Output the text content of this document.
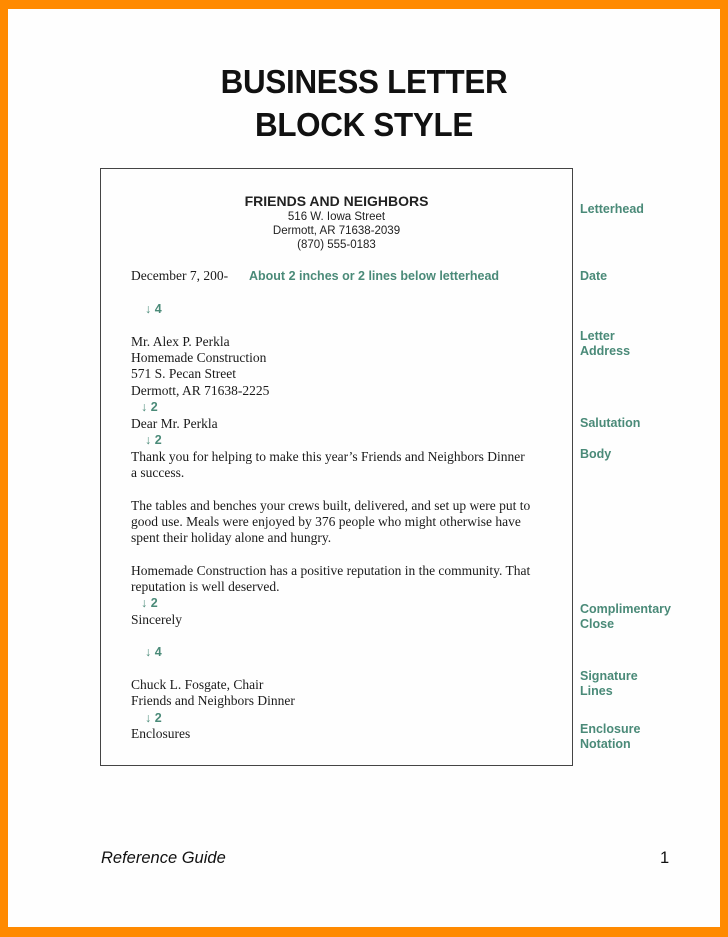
BUSINESS LETTER
BLOCK STYLE
FRIENDS AND NEIGHBORS
516 W. Iowa Street
Dermott, AR 71638-2039
(870) 555-0183
December 7, 200- About 2 inches or 2 lines below letterhead
↓ 4
Mr. Alex P. Perkla
Homemade Construction
571 S. Pecan Street
Dermott, AR 71638-2225
↓ 2
Dear Mr. Perkla
↓ 2
Thank you for helping to make this year’s Friends and Neighbors Dinner
a success.
The tables and benches your crews built, delivered, and set up were put to
good use. Meals were enjoyed by 376 people who might otherwise have
spent their holiday alone and hungry.
Homemade Construction has a positive reputation in the community. That
reputation is well deserved.
↓ 2
Sincerely
↓ 4
Chuck L. Fosgate, Chair
Friends and Neighbors Dinner
↓ 2
Enclosures
Letterhead
Date
Letter
Address
Salutation
Body
Complimentary
Close
Signature
Lines
Enclosure
Notation
Reference Guide	1
